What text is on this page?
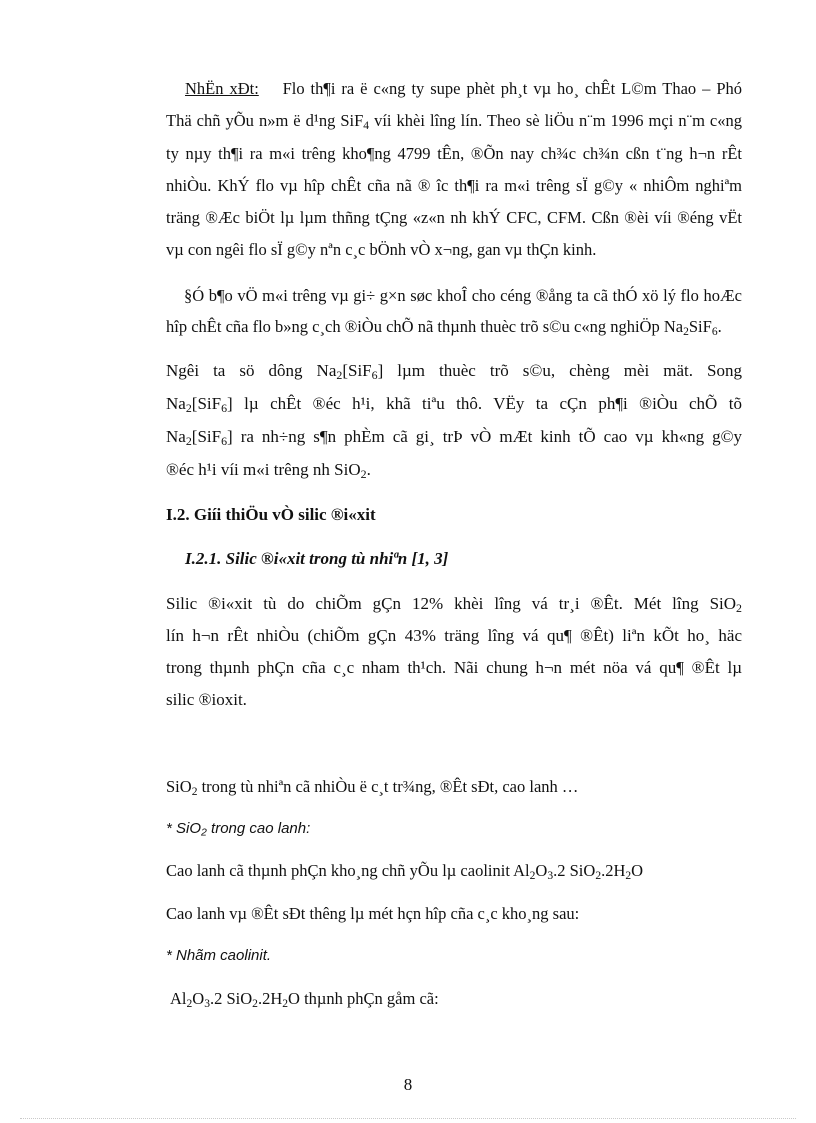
NhËn xÐt: Flo th¶i ra ë c«ng ty supe phèt ph¸t vµ ho¸ chÊt L©m Thao – Phó
Thä chñ yÕu n»m ë d¹ng SiF$_4$ víi khèi lîng lín. Theo sè liÖu n¨m 1996 mçi n¨m c«ng
ty nµy th¶i ra m«i trêng kho¶ng 4799 tÊn, ®Õn nay ch¾c ch¾n cßn t¨ng h¬n rÊt
nhiÒu. KhÝ flo vµ hîp chÊt cña nã ® îc th¶i ra m«i trêng sÏ g©y « nhiÔm nghiªm
träng ®Æc biÖt lµ lµm thñng tÇng «z«n nh khÝ CFC, CFM. Cßn ®èi víi ®éng vËt
vµ con ngêi flo sÏ g©y nªn c¸c bÖnh vÒ x¬ng, gan vµ thÇn kinh.
§Ó b¶o vÖ m«i trêng vµ gi÷ g×n søc khoÎ cho céng ®ång ta cã thÓ xö lý flo hoÆc
hîp chÊt cña flo b»ng c¸ch ®iÒu chÕ nã thµnh thuèc trõ s©u c«ng nghiÖp $Na_2SiF_6$.
Ngêi ta sö dông $Na_2[SiF_6]$ lµm thuèc trõ s©u, chèng mèi mät. Song
$Na_2[SiF_6]$ lµ chÊt ®éc h¹i, khã tiªu thô. VËy ta cÇn ph¶i ®iÒu chÕ tõ
$Na_2[SiF_6]$ ra nh÷ng s¶n phÈm cã gi¸ trÞ vÒ mÆt kinh tÕ cao vµ kh«ng g©y
®éc h¹i víi m«i trêng nh SiO$_2$.
I.2. Giíi thiÖu vÒ silic ®i«xit
I.2.1. Silic ®i«xit trong tù nhiªn [1, 3]
Silic ®i«xit tù do chiÕm gÇn 12% khèi lîng vá tr¸i ®Êt. Mét lîng SiO$_2$
lín h¬n rÊt nhiÒu (chiÕm gÇn 43% träng lîng vá qu¶ ®Êt) liªn kÕt ho¸ häc
trong thµnh phÇn cña c¸c nham th¹ch. Nãi chung h¬n mét nöa vá qu¶ ®Êt lµ
silic ®ioxit.
SiO$_2$ trong tù nhiªn cã nhiÒu ë c¸t tr¾ng, ®Êt sÐt, cao lanh …
* SiO$_2$ trong cao lanh:
Cao lanh cã thµnh phÇn kho¸ng chñ yÕu lµ caolinit $Al_2O_3.2$ $SiO_2.2H_2O$
Cao lanh vµ ®Êt sÐt thêng lµ mét hçn hîp cña c¸c kho¸ng sau:
* Nhãm caolinit.
$Al_2O_3.2$ $SiO_2.2H_2O$ thµnh phÇn gåm cã:
8
